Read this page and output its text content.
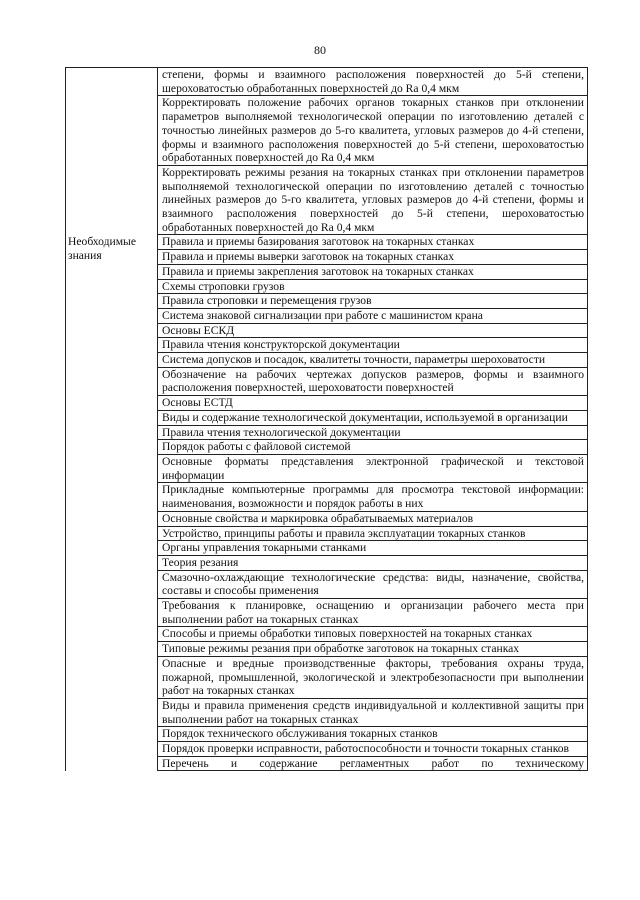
80
	степени, формы и взаимного расположения поверхностей до 5-й степени, шероховатостью обработанных поверхностей до Ra 0,4 мкм
	Корректировать положение рабочих органов токарных станков при отклонении параметров выполняемой технологической операции по изготовлению деталей с точностью линейных размеров до 5-го квалитета, угловых размеров до 4-й степени, формы и взаимного расположения поверхностей до 5-й степени, шероховатостью обработанных поверхностей до Ra 0,4 мкм
	Корректировать режимы резания на токарных станках при отклонении параметров выполняемой технологической операции по изготовлению деталей с точностью линейных размеров до 5-го квалитета, угловых размеров до 4-й степени, формы и взаимного расположения поверхностей до 5-й степени, шероховатостью обработанных поверхностей до Ra 0,4 мкм
Необходимые знания	Правила и приемы базирования заготовок на токарных станках
	Правила и приемы выверки заготовок на токарных станках
	Правила и приемы закрепления заготовок на токарных станках
	Схемы строповки грузов
	Правила строповки и перемещения грузов
	Система знаковой сигнализации при работе с машинистом крана
	Основы ЕСКД
	Правила чтения конструкторской документации
	Система допусков и посадок, квалитеты точности, параметры шероховатости
	Обозначение на рабочих чертежах допусков размеров, формы и взаимного расположения поверхностей, шероховатости поверхностей
	Основы ЕСТД
	Виды и содержание технологической документации, используемой в организации
	Правила чтения технологической документации
	Порядок работы с файловой системой
	Основные форматы представления электронной графической и текстовой информации
	Прикладные компьютерные программы для просмотра текстовой информации: наименования, возможности и порядок работы в них
	Основные свойства и маркировка обрабатываемых материалов
	Устройство, принципы работы и правила эксплуатации токарных станков
	Органы управления токарными станками
	Теория резания
	Смазочно-охлаждающие технологические средства: виды, назначение, свойства, составы и способы применения
	Требования к планировке, оснащению и организации рабочего места при выполнении работ на токарных станках
	Способы и приемы обработки типовых поверхностей на токарных станках
	Типовые режимы резания при обработке заготовок на токарных станках
	Опасные и вредные производственные факторы, требования охраны труда, пожарной, промышленной, экологической и электробезопасности при выполнении работ на токарных станках
	Виды и правила применения средств индивидуальной и коллективной защиты при выполнении работ на токарных станках
	Порядок технического обслуживания токарных станков
	Порядок проверки исправности, работоспособности и точности токарных станков
	Перечень и содержание регламентных работ по техническому
